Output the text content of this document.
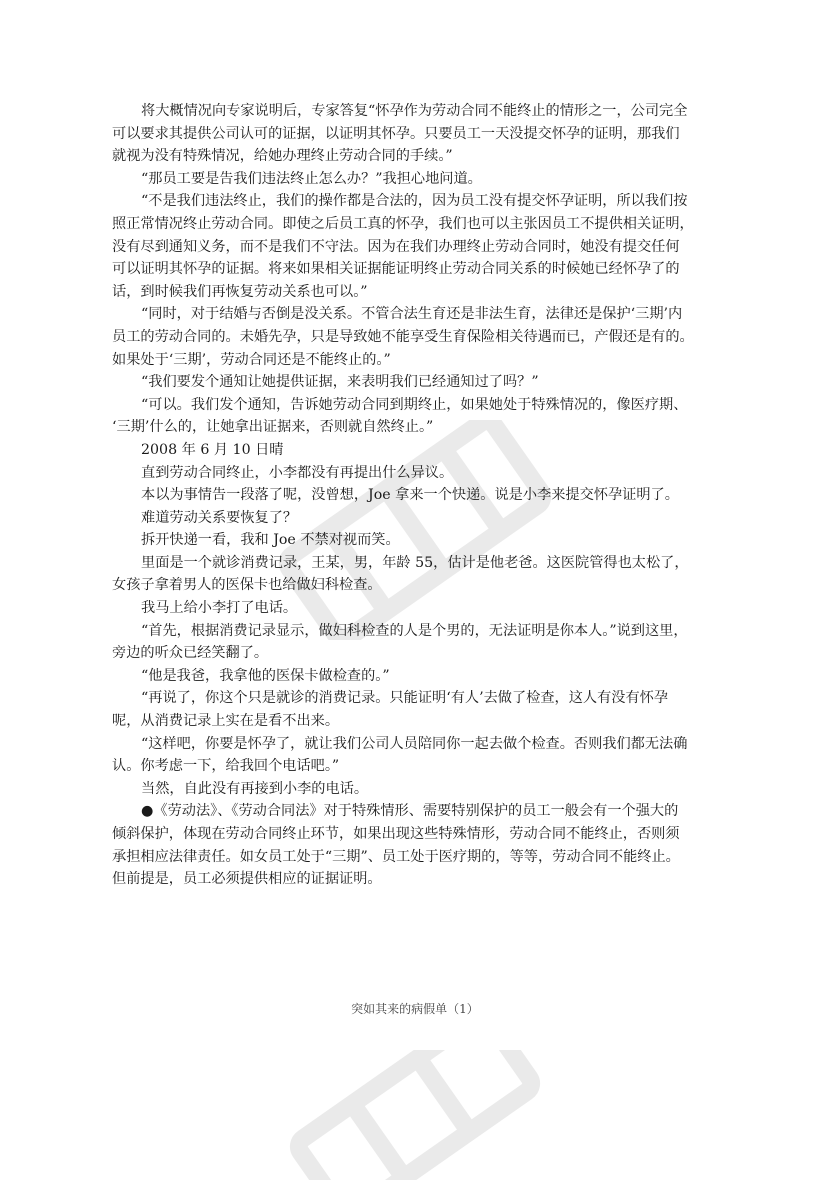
将大概情况向专家说明后，专家答复“怀孕作为劳动合同不能终止的情形之一，公司完全
可以要求其提供公司认可的证据，以证明其怀孕。只要员工一天没提交怀孕的证明，那我们
就视为没有特殊情况，给她办理终止劳动合同的手续。”
“那员工要是告我们违法终止怎么办？”我担心地问道。
“不是我们违法终止，我们的操作都是合法的，因为员工没有提交怀孕证明，所以我们按
照正常情况终止劳动合同。即使之后员工真的怀孕，我们也可以主张因员工不提供相关证明，
没有尽到通知义务，而不是我们不守法。因为在我们办理终止劳动合同时，她没有提交任何
可以证明其怀孕的证据。将来如果相关证据能证明终止劳动合同关系的时候她已经怀孕了的
话，到时候我们再恢复劳动关系也可以。”
“同时，对于结婚与否倒是没关系。不管合法生育还是非法生育，法律还是保护‘三期’内
员工的劳动合同的。未婚先孕，只是导致她不能享受生育保险相关待遇而已，产假还是有的。
如果处于‘三期’，劳动合同还是不能终止的。”
“我们要发个通知让她提供证据，来表明我们已经通知过了吗？”
“可以。我们发个通知，告诉她劳动合同到期终止，如果她处于特殊情况的，像医疗期、
‘三期’什么的，让她拿出证据来，否则就自然终止。”
2008 年 6 月 10 日晴
直到劳动合同终止，小李都没有再提出什么异议。
本以为事情告一段落了呢，没曾想，Joe 拿来一个快递。说是小李来提交怀孕证明了。
难道劳动关系要恢复了？
拆开快递一看，我和 Joe 不禁对视而笑。
里面是一个就诊消费记录，王某，男，年龄 55，估计是他老爸。这医院管得也太松了，
女孩子拿着男人的医保卡也给做妇科检查。
我马上给小李打了电话。
“首先，根据消费记录显示，做妇科检查的人是个男的，无法证明是你本人。”说到这里，
旁边的听众已经笑翻了。
“他是我爸，我拿他的医保卡做检查的。”
“再说了，你这个只是就诊的消费记录。只能证明‘有人’去做了检查，这人有没有怀孕
呢，从消费记录上实在是看不出来。
“这样吧，你要是怀孕了，就让我们公司人员陪同你一起去做个检查。否则我们都无法确
认。你考虑一下，给我回个电话吧。”
当然，自此没有再接到小李的电话。
●《劳动法》、《劳动合同法》对于特殊情形、需要特别保护的员工一般会有一个强大的
倾斜保护，体现在劳动合同终止环节，如果出现这些特殊情形，劳动合同不能终止，否则须
承担相应法律责任。如女员工处于“三期”、员工处于医疗期的，等等，劳动合同不能终止。
但前提是，员工必须提供相应的证据证明。
突如其来的病假单（1）
